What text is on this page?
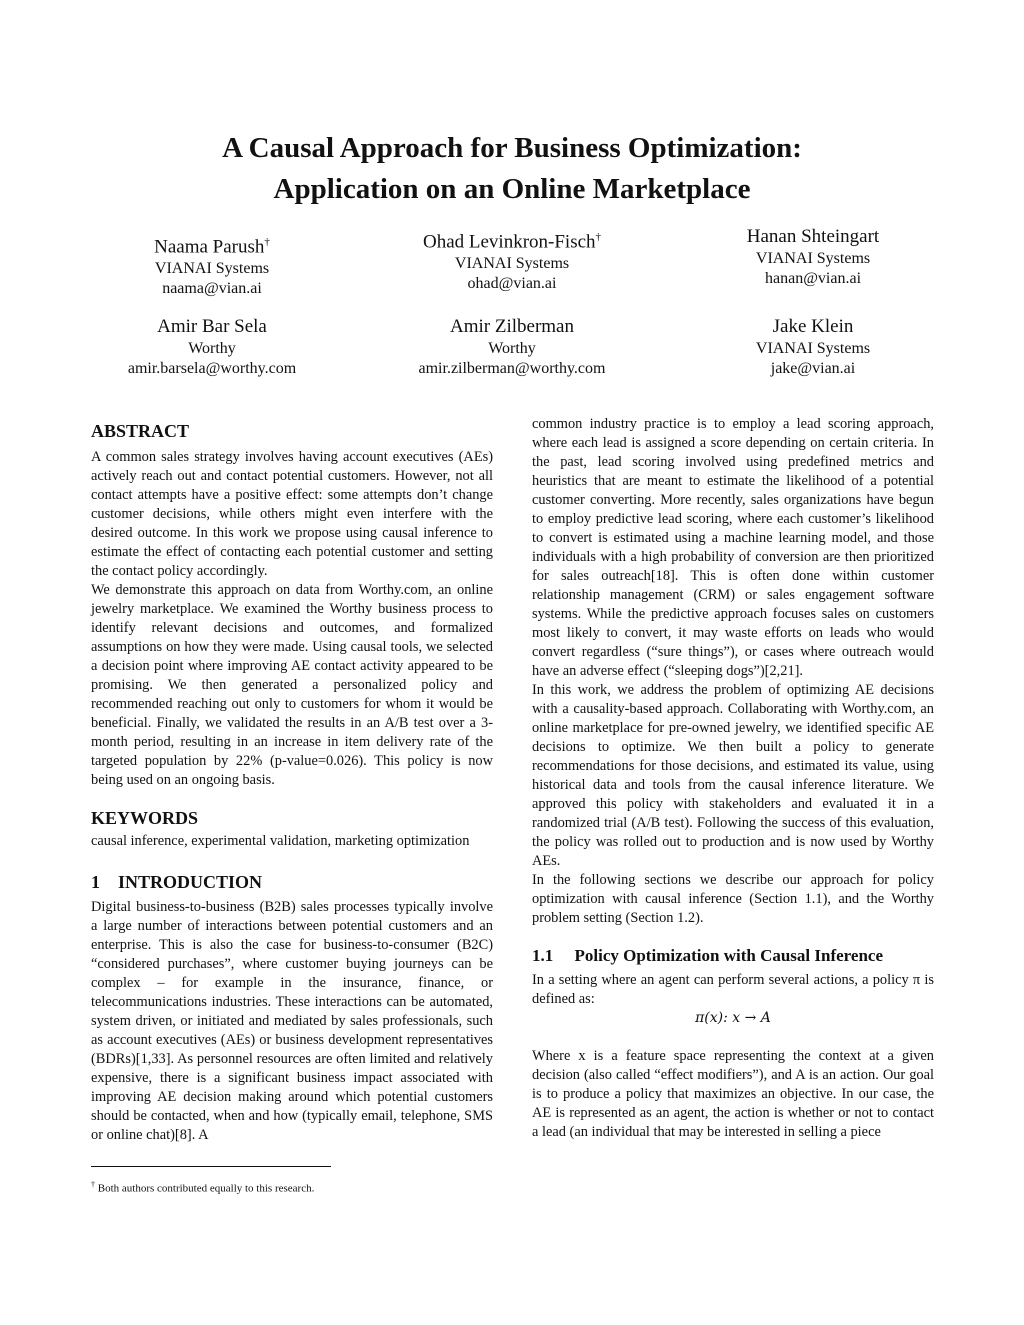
A Causal Approach for Business Optimization:
Application on an Online Marketplace
Naama Parush†
VIANAI Systems
naama@vian.ai
Ohad Levinkron-Fisch†
VIANAI Systems
ohad@vian.ai
Hanan Shteingart
VIANAI Systems
hanan@vian.ai
Amir Bar Sela
Worthy
amir.barsela@worthy.com
Amir Zilberman
Worthy
amir.zilberman@worthy.com
Jake Klein
VIANAI Systems
jake@vian.ai
ABSTRACT

A common sales strategy involves having account executives (AEs) actively reach out and contact potential customers. However, not all contact attempts have a positive effect: some attempts don’t change customer decisions, while others might even interfere with the desired outcome. In this work we propose using causal inference to estimate the effect of contacting each potential customer and setting the contact policy accordingly.

We demonstrate this approach on data from Worthy.com, an online jewelry marketplace. We examined the Worthy business process to identify relevant decisions and outcomes, and formalized assumptions on how they were made. Using causal tools, we selected a decision point where improving AE contact activity appeared to be promising. We then generated a personalized policy and recommended reaching out only to customers for whom it would be beneficial. Finally, we validated the results in an A/B test over a 3-month period, resulting in an increase in item delivery rate of the targeted population by 22% (p-value=0.026). This policy is now being used on an ongoing basis.

KEYWORDS

causal inference, experimental validation, marketing optimization

1    INTRODUCTION

Digital business-to-business (B2B) sales processes typically involve a large number of interactions between potential customers and an enterprise. This is also the case for business-to-consumer (B2C) “considered purchases”, where customer buying journeys can be complex – for example in the insurance, finance, or telecommunications industries. These interactions can be automated, system driven, or initiated and mediated by sales professionals, such as account executives (AEs) or business development representatives (BDRs)[1,33]. As personnel resources are often limited and relatively expensive, there is a significant business impact associated with improving AE decision making around which potential customers should be contacted, when and how (typically email, telephone, SMS or online chat)[8]. A

common industry practice is to employ a lead scoring approach, where each lead is assigned a score depending on certain criteria. In the past, lead scoring involved using predefined metrics and heuristics that are meant to estimate the likelihood of a potential customer converting. More recently, sales organizations have begun to employ predictive lead scoring, where each customer’s likelihood to convert is estimated using a machine learning model, and those individuals with a high probability of conversion are then prioritized for sales outreach[18]. This is often done within customer relationship management (CRM) or sales engagement software systems. While the predictive approach focuses sales on customers most likely to convert, it may waste efforts on leads who would convert regardless (“sure things”), or cases where outreach would have an adverse effect (“sleeping dogs”)[2,21].

In this work, we address the problem of optimizing AE decisions with a causality-based approach. Collaborating with Worthy.com, an online marketplace for pre-owned jewelry, we identified specific AE decisions to optimize. We then built a policy to generate recommendations for those decisions, and estimated its value, using historical data and tools from the causal inference literature. We approved this policy with stakeholders and evaluated it in a randomized trial (A/B test). Following the success of this evaluation, the policy was rolled out to production and is now used by Worthy AEs.

In the following sections we describe our approach for policy optimization with causal inference (Section 1.1), and the Worthy problem setting (Section 1.2).

1.1     Policy Optimization with Causal Inference

In a setting where an agent can perform several actions, a policy π is defined as:

π(x): x → A

Where x is a feature space representing the context at a given decision (also called “effect modifiers”), and A is an action. Our goal is to produce a policy that maximizes an objective. In our case, the AE is represented as an agent, the action is whether or not to contact a lead (an individual that may be interested in selling a piece

† Both authors contributed equally to this research.
